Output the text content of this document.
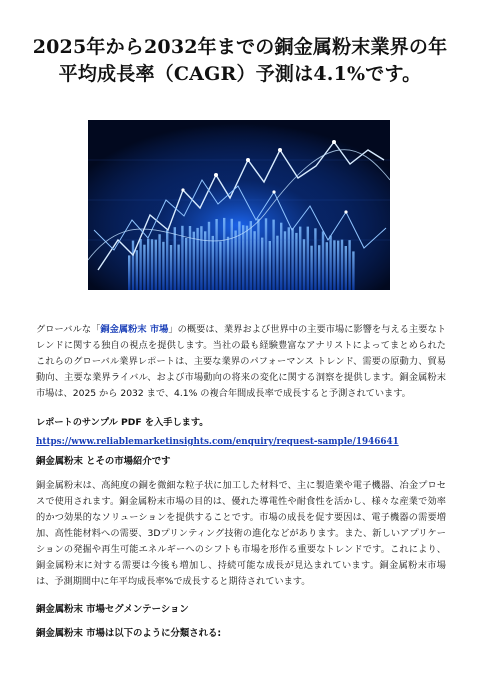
2025年から2032年までの銅金属粉末業界の年平均成長率（CAGR）予測は4.1%です。
グローバルな「銅金属粉末 市場」の概要は、業界および世界中の主要市場に影響を与える主要なトレンドに関する独自の視点を提供します。当社の最も経験豊富なアナリストによってまとめられたこれらのグローバル業界レポートは、主要な業界のパフォーマンス トレンド、需要の原動力、貿易動向、主要な業界ライバル、および市場動向の将来の変化に関する洞察を提供します。銅金属粉末 市場は、2025 から 2032 まで、4.1% の複合年間成長率で成長すると予測されています。
レポートのサンプル PDF を入手します。
https://www.reliablemarketinsights.com/enquiry/request-sample/1946641
銅金属粉末 とその市場紹介です
銅金属粉末は、高純度の銅を微細な粒子状に加工した材料で、主に製造業や電子機器、冶金プロセスで使用されます。銅金属粉末市場の目的は、優れた導電性や耐食性を活かし、様々な産業で効率的かつ効果的なソリューションを提供することです。市場の成長を促す要因は、電子機器の需要増加、高性能材料への需要、3Dプリンティング技術の進化などがあります。また、新しいアプリケーションの発掘や再生可能エネルギーへのシフトも市場を形作る重要なトレンドです。これにより、銅金属粉末に対する需要は今後も増加し、持続可能な成長が見込まれています。銅金属粉末市場は、予測期間中に年平均成長率%で成長すると期待されています。
銅金属粉末 市場セグメンテーション
銅金属粉末 市場は以下のように分類される:
